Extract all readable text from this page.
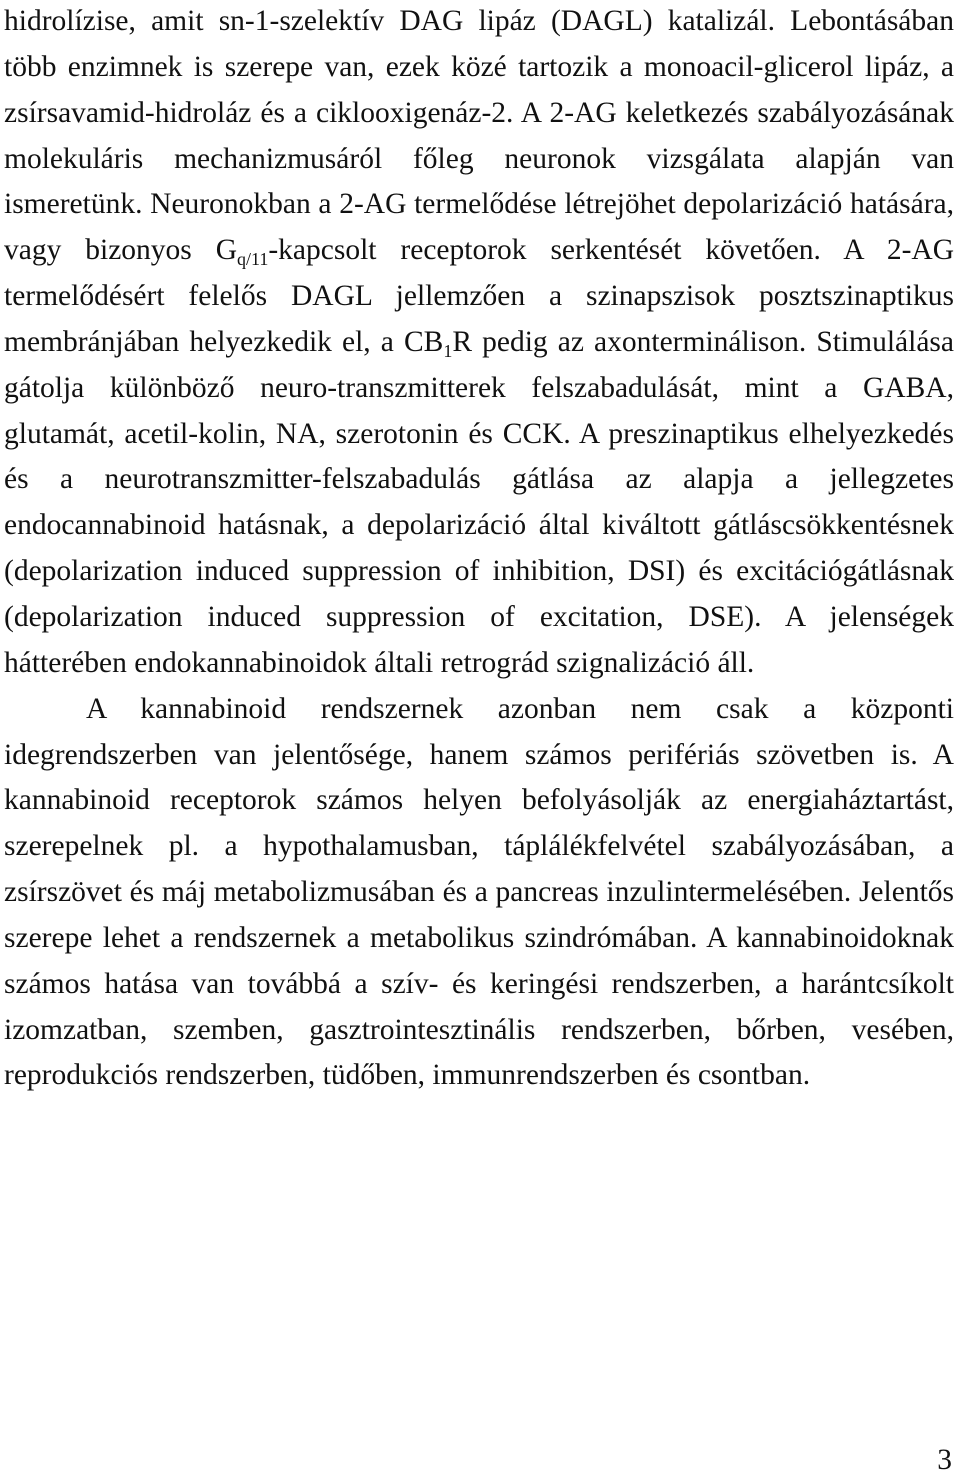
hidrolízise, amit sn-1-szelektív DAG lipáz (DAGL) katalizál. Lebontásában több enzimnek is szerepe van, ezek közé tartozik a monoacil-glicerol lipáz, a zsírsavamid-hidroláz és a ciklooxigenáz-2. A 2-AG keletkezés szabályozásának molekuláris mechanizmusáról főleg neuronok vizsgálata alapján van ismeretünk. Neuronokban a 2-AG termelődése létrejöhet depolarizáció hatására, vagy bizonyos $G_{q/11}$-kapcsolt receptorok serkentését követően. A 2-AG termelődésért felelős DAGL jellemzően a szinapszisok posztszinaptikus membránjában helyezkedik el, a $CB_1R$ pedig az axonterminálison. Stimulálása gátolja különböző neuro-transzmitterek felszabadulását, mint a GABA, glutamát, acetil-kolin, NA, szerotonin és CCK. A preszinaptikus elhelyezkedés és a neurotranszmitter-felszabadulás gátlása az alapja a jellegzetes endocannabinoid hatásnak, a depolarizáció által kiváltott gátláscsökkentésnek (depolarization induced suppression of inhibition, DSI) és excitációgátlásnak (depolarization induced suppression of excitation, DSE). A jelenségek hátterében endokannabinoidok általi retrográd szignalizáció áll.

A kannabinoid rendszernek azonban nem csak a központi idegrendszerben van jelentősége, hanem számos perifériás szövetben is. A kannabinoid receptorok számos helyen befolyásolják az energiaháztartást, szerepelnek pl. a hypothalamusban, táplálékfelvétel szabályozásában, a zsírszövet és máj metabolizmusában és a pancreas inzulintermelésében. Jelentős szerepe lehet a rendszernek a metabolikus szindrómában. A kannabinoidoknak számos hatása van továbbá a szív- és keringési rendszerben, a harántcsíkolt izomzatban, szemben, gasztrointesztinális rendszerben, bőrben, vesében, reprodukciós rendszerben, tüdőben, immunrendszerben és csontban.

3
